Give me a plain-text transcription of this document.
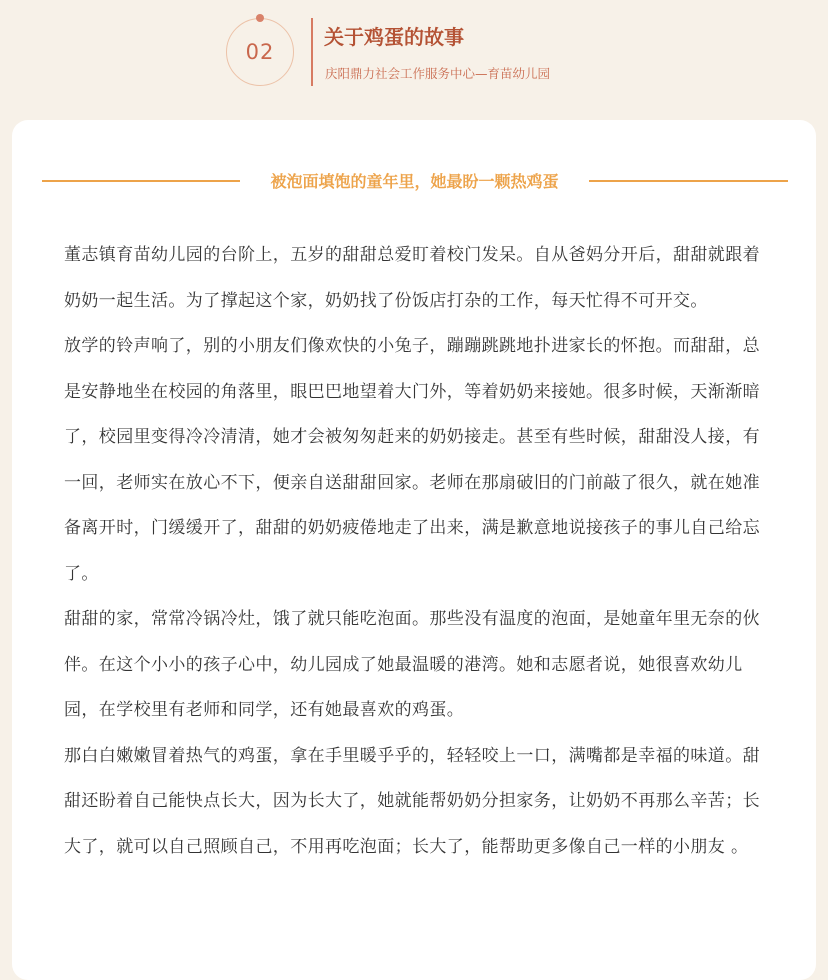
02
关于鸡蛋的故事
庆阳鼎力社会工作服务中心—育苗幼儿园
被泡面填饱的童年里，她最盼一颗热鸡蛋

董志镇育苗幼儿园的台阶上，五岁的甜甜总爱盯着校门发呆。自从爸妈分开后，甜甜就跟着奶奶一起生活。为了撑起这个家，奶奶找了份饭店打杂的工作，每天忙得不可开交。

放学的铃声响了，别的小朋友们像欢快的小兔子，蹦蹦跳跳地扑进家长的怀抱。而甜甜，总是安静地坐在校园的角落里，眼巴巴地望着大门外，等着奶奶来接她。很多时候，天渐渐暗了，校园里变得冷冷清清，她才会被匆匆赶来的奶奶接走。甚至有些时候，甜甜没人接，有一回，老师实在放心不下，便亲自送甜甜回家。老师在那扇破旧的门前敲了很久，就在她准备离开时，门缓缓开了，甜甜的奶奶疲倦地走了出来，满是歉意地说接孩子的事儿自己给忘了。

甜甜的家，常常冷锅冷灶，饿了就只能吃泡面。那些没有温度的泡面，是她童年里无奈的伙伴。在这个小小的孩子心中，幼儿园成了她最温暖的港湾。她和志愿者说，她很喜欢幼儿园，在学校里有老师和同学，还有她最喜欢的鸡蛋。

那白白嫩嫩冒着热气的鸡蛋，拿在手里暖乎乎的，轻轻咬上一口，满嘴都是幸福的味道。甜甜还盼着自己能快点长大，因为长大了，她就能帮奶奶分担家务，让奶奶不再那么辛苦；长大了，就可以自己照顾自己，不用再吃泡面；长大了，能帮助更多像自己一样的小朋友 。
